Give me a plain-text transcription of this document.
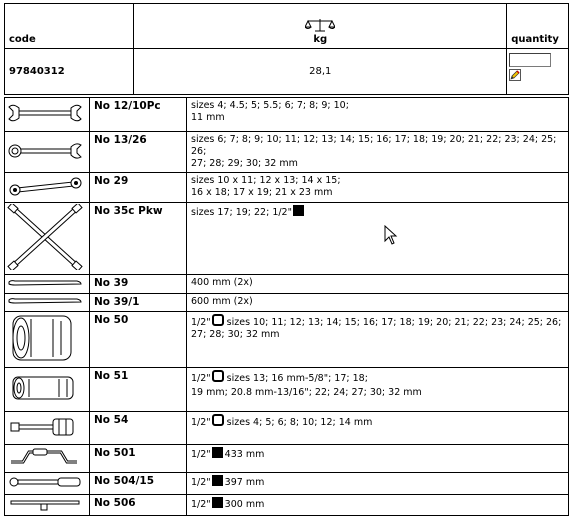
code	kg	quantity
97840312	28,1	
	No 12/10Pc	sizes 4; 4.5; 5; 5.5; 6; 7; 8; 9; 10;
11 mm
	No 13/26	sizes 6; 7; 8; 9; 10; 11; 12; 13; 14; 15; 16; 17; 18; 19; 20; 21; 22; 23; 24; 25; 26;
27; 28; 29; 30; 32 mm
	No 29	sizes 10 x 11; 12 x 13; 14 x 15;
16 x 18; 17 x 19; 21 x 23 mm
	No 35c Pkw	sizes 17; 19; 22; 1/2"
	No 39	400 mm (2x)
	No 39/1	600 mm (2x)
	No 50	1/2" sizes 10; 11; 12; 13; 14; 15; 16; 17; 18; 19; 20; 21; 22; 23; 24; 25; 26;
27; 28; 30; 32 mm
	No 51	1/2" sizes 13; 16 mm-5/8"; 17; 18;
19 mm; 20.8 mm-13/16"; 22; 24; 27; 30; 32 mm
	No 54	1/2" sizes 4; 5; 6; 8; 10; 12; 14 mm
	No 501	1/2" 433 mm
	No 504/15	1/2" 397 mm
	No 506	1/2" 300 mm
